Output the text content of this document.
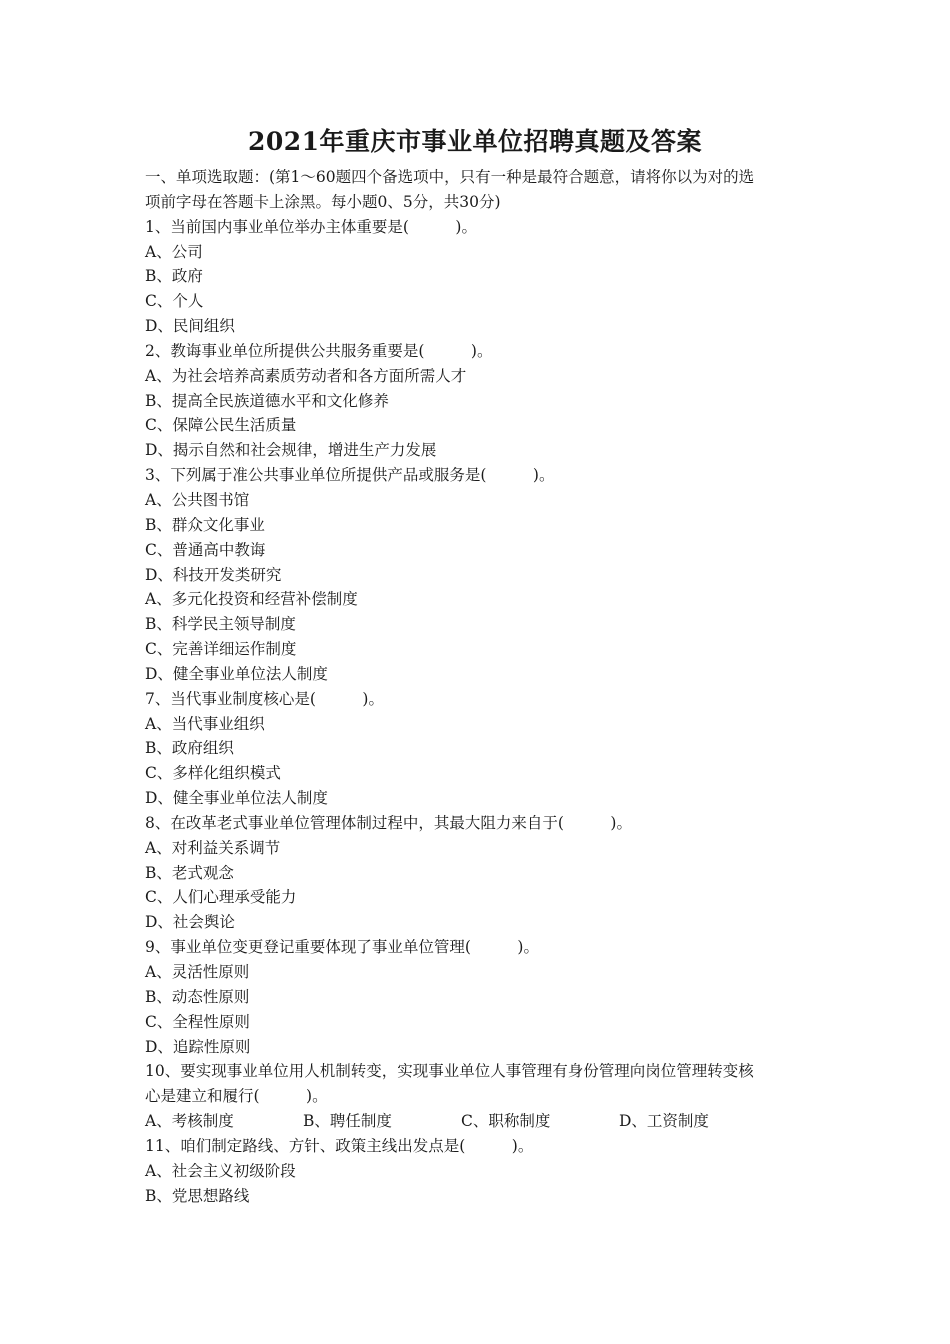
2021年重庆市事业单位招聘真题及答案
一、单项选取题：(第1～60题四个备选项中，只有一种是最符合题意，请将你以为对的选
项前字母在答题卡上涂黑。每小题0、5分，共30分)
1、当前国内事业单位举办主体重要是(　　　)。
A、公司
B、政府
C、个人
D、民间组织
2、教诲事业单位所提供公共服务重要是(　　　)。
A、为社会培养高素质劳动者和各方面所需人才
B、提高全民族道德水平和文化修养
C、保障公民生活质量
D、揭示自然和社会规律，增进生产力发展
3、下列属于准公共事业单位所提供产品或服务是(　　　)。
A、公共图书馆
B、群众文化事业
C、普通高中教诲
D、科技开发类研究
A、多元化投资和经营补偿制度
B、科学民主领导制度
C、完善详细运作制度
D、健全事业单位法人制度
7、当代事业制度核心是(　　　)。
A、当代事业组织
B、政府组织
C、多样化组织模式
D、健全事业单位法人制度
8、在改革老式事业单位管理体制过程中，其最大阻力来自于(　　　)。
A、对利益关系调节
B、老式观念
C、人们心理承受能力
D、社会舆论
9、事业单位变更登记重要体现了事业单位管理(　　　)。
A、灵活性原则
B、动态性原则
C、全程性原则
D、追踪性原则
10、要实现事业单位用人机制转变，实现事业单位人事管理有身份管理向岗位管理转变核
心是建立和履行(　　　)。
A、考核制度	B、聘任制度	C、职称制度	D、工资制度
11、咱们制定路线、方针、政策主线出发点是(　　　)。
A、社会主义初级阶段
B、党思想路线
